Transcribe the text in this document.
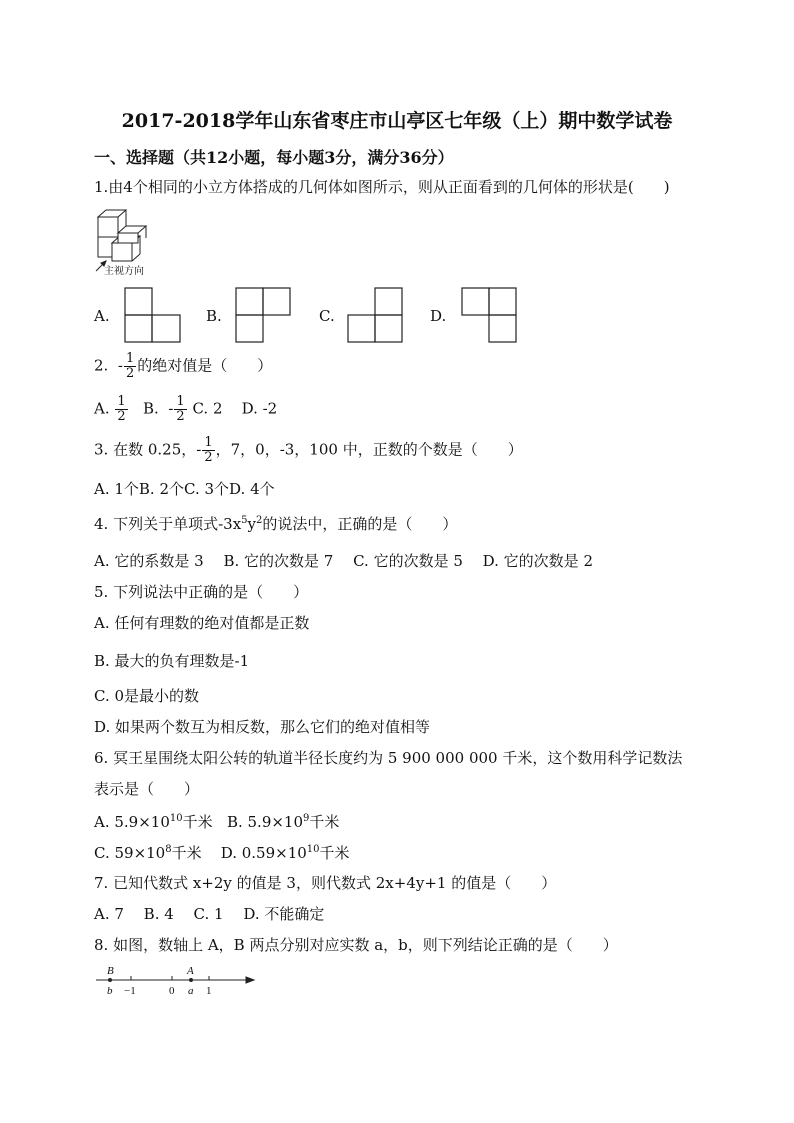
2017-2018学年山东省枣庄市山亭区七年级（上）期中数学试卷
一、选择题（共12小题，每小题3分，满分36分）
1.由4个相同的小立方体搭成的几何体如图所示，则从正面看到的几何体的形状是(　　)
主视方向
A.	B.	C.	D.
2. - $\frac{1}{2}$ 的绝对值是（　　）
A. $\frac{1}{2} B$. - $\frac{1}{2} C$. 2 D. -2
3. 在数 0.25，- $\frac{1}{2}$ ，7，0，-3，100 中，正数的个数是（　　）
A. 1个B. 2个C. 3个D. 4个
4. 下列关于单项式$-3x^5y^2$的说法中，正确的是（　　）
A. 它的系数是 3　 B. 它的次数是 7　 C. 它的次数是 5　 D. 它的次数是 2
5. 下列说法中正确的是（　　）
A. 任何有理数的绝对值都是正数
B. 最大的负有理数是-1
C. 0是最小的数
D. 如果两个数互为相反数，那么它们的绝对值相等
6. 冥王星围绕太阳公转的轨道半径长度约为 5 900 000 000 千米，这个数用科学记数法
表示是（　　）
A. $5.9\times 10^{10}$千米 B. $5.9\times 10^9$千米
C. $59\times 10^8$千米 D. $0.59\times 10^{10}$千米
7. 已知代数式 x+2y 的值是 3，则代数式 2x+4y+1 的值是（　　）
A. 7　 B. 4　 C. 1　 D. 不能确定
8. 如图，数轴上 A，B 两点分别对应实数 a，b，则下列结论正确的是（　　）
B
b −1	0
A
a 1
